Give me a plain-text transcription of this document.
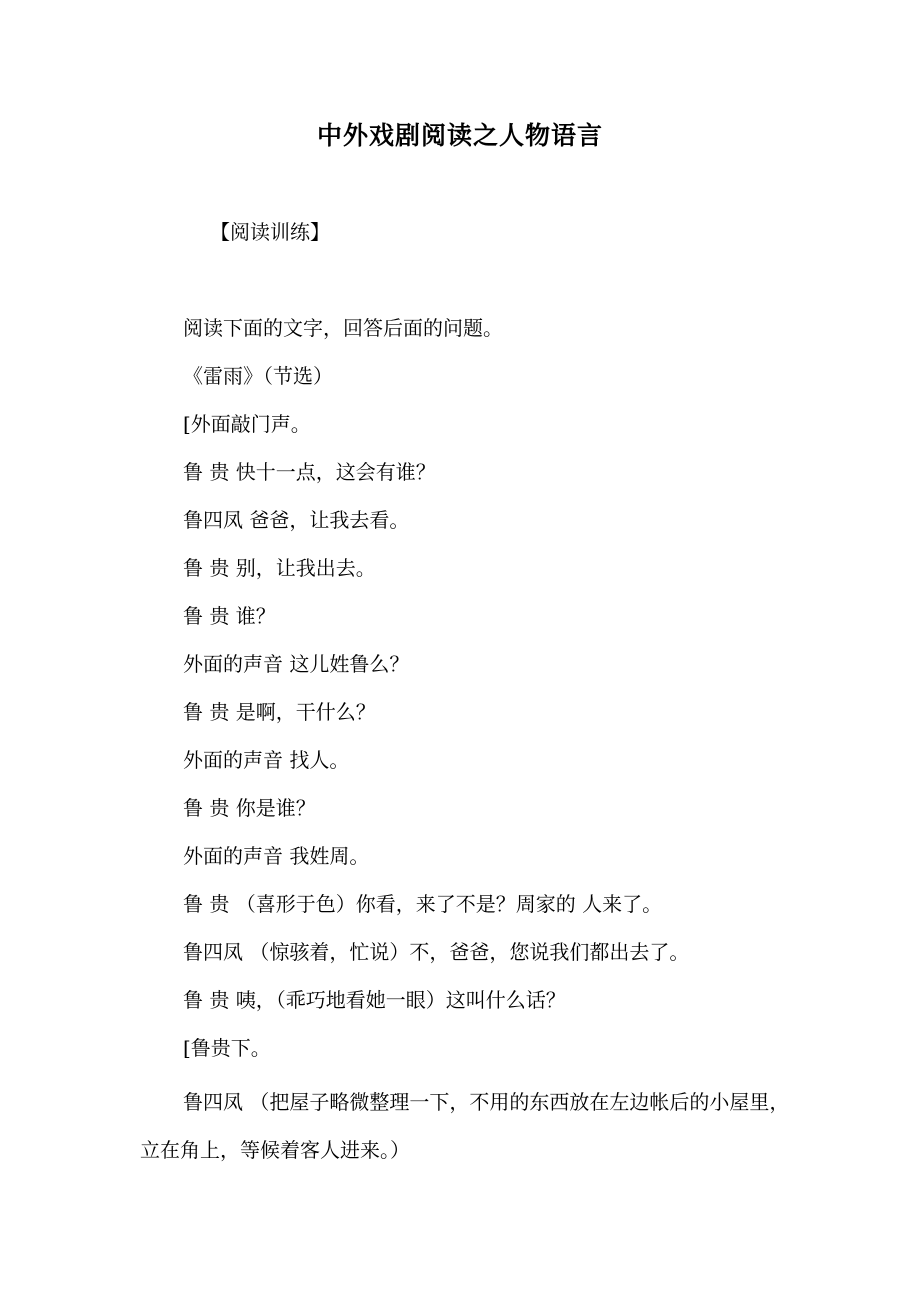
中外戏剧阅读之人物语言
【阅读训练】

阅读下面的文字，回答后面的问题。

《雷雨》（节选）

[外面敲门声。

鲁 贵 快十一点，这会有谁？

鲁四凤 爸爸，让我去看。

鲁 贵 别，让我出去。

鲁 贵 谁？

外面的声音 这儿姓鲁么？

鲁 贵 是啊，干什么？

外面的声音 找人。

鲁 贵 你是谁？

外面的声音 我姓周。

鲁 贵 （喜形于色）你看，来了不是？周家的 人来了。

鲁四凤 （惊骇着，忙说）不，爸爸，您说我们都出去了。

鲁 贵 咦，（乖巧地看她一眼）这叫什么话？

[鲁贵下。

鲁四凤 （把屋子略微整理一下，不用的东西放在左边帐后的小屋里，立在角上，等候着客人进来。）
